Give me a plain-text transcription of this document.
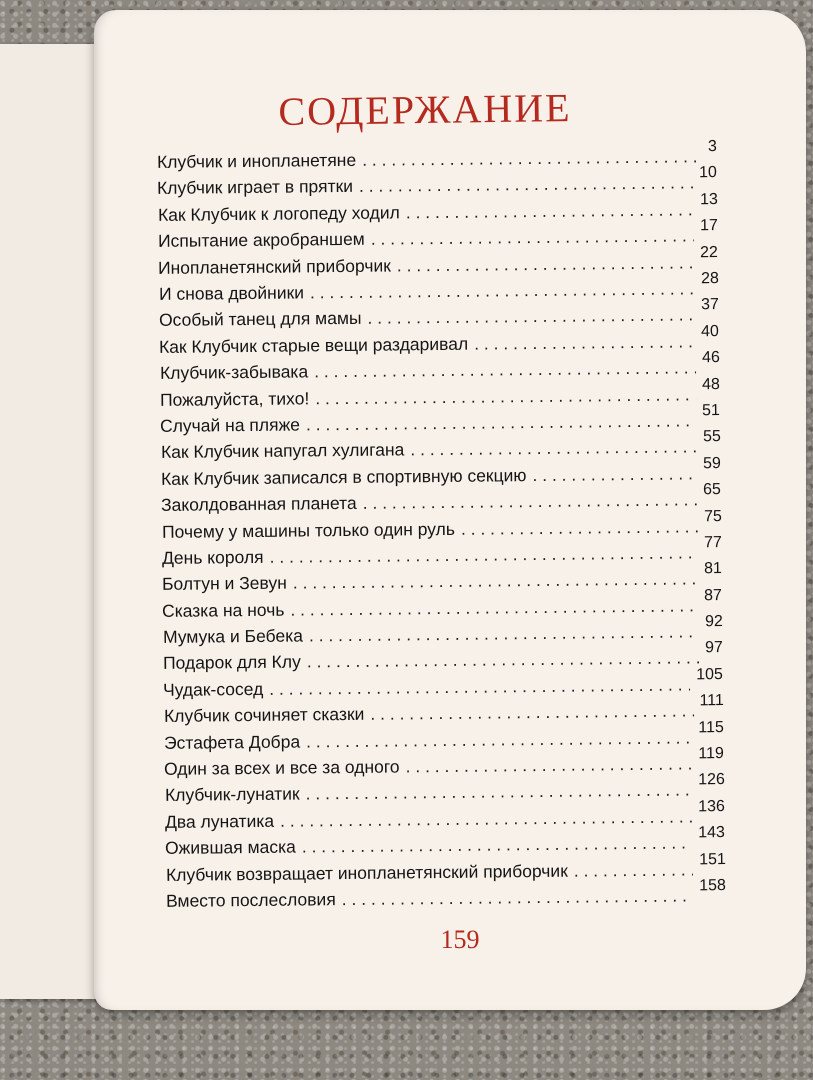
СОДЕРЖАНИЕ
Клубчик и инопланетяне
. . .
3
Клубчик играет в прятки
. . .
10
Как Клубчик к логопеду ходил
. . .
13
Испытание акробраншем
. . .
17
Инопланетянский приборчик
. . .
22
И снова двойники
. . .
28
Особый танец для мамы
. . .
37
Как Клубчик старые вещи раздаривал
. . .
40
Клубчик-забывака
. . .
46
Пожалуйста, тихо!
. . .
48
Случай на пляже
. . .
51
Как Клубчик напугал хулигана
. . .
55
Как Клубчик записался в спортивную секцию
. . .
59
Заколдованная планета
. . .
65
Почему у машины только один руль
. . .
75
День короля
. . .
77
Болтун и Зевун
. . .
81
Сказка на ночь
. . .
87
Мумука и Бебека
. . .
92
Подарок для Клу
. . .
97
Чудак-сосед
. . .
105
Клубчик сочиняет сказки
. . .
111
Эстафета Добра
. . .
115
Один за всех и все за одного
. . .
119
Клубчик-лунатик
. . .
126
Два лунатика
. . .
136
Ожившая маска
. . .
143
Клубчик возвращает инопланетянский приборчик
. . .
151
Вместо послесловия
. . .
158
159
